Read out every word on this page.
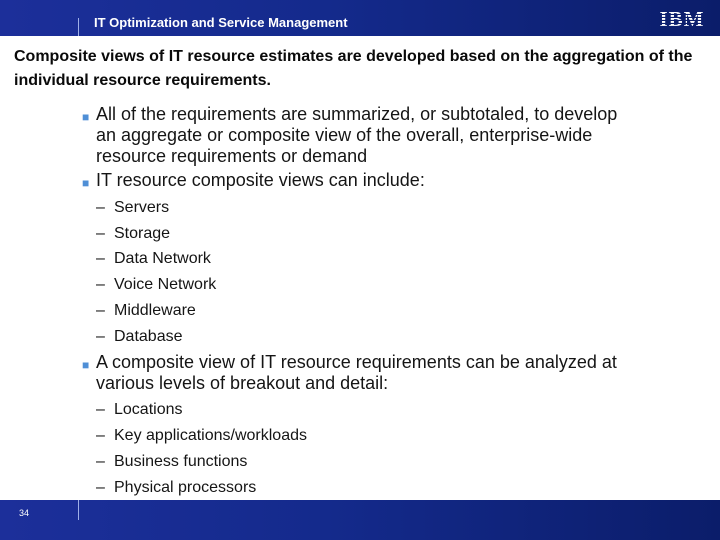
IT Optimization and Service Management	IBM
Composite views of IT resource estimates are developed based on the aggregation of the individual resource requirements.
■ All of the requirements are summarized, or subtotaled, to develop an aggregate or composite view of the overall, enterprise-wide resource requirements or demand
■ IT resource composite views can include:
– Servers
– Storage
– Data Network
– Voice Network
– Middleware
– Database
■ A composite view of IT resource requirements can be analyzed at various levels of breakout and detail:
– Locations
– Key applications/workloads
– Business functions
– Physical processors
34
